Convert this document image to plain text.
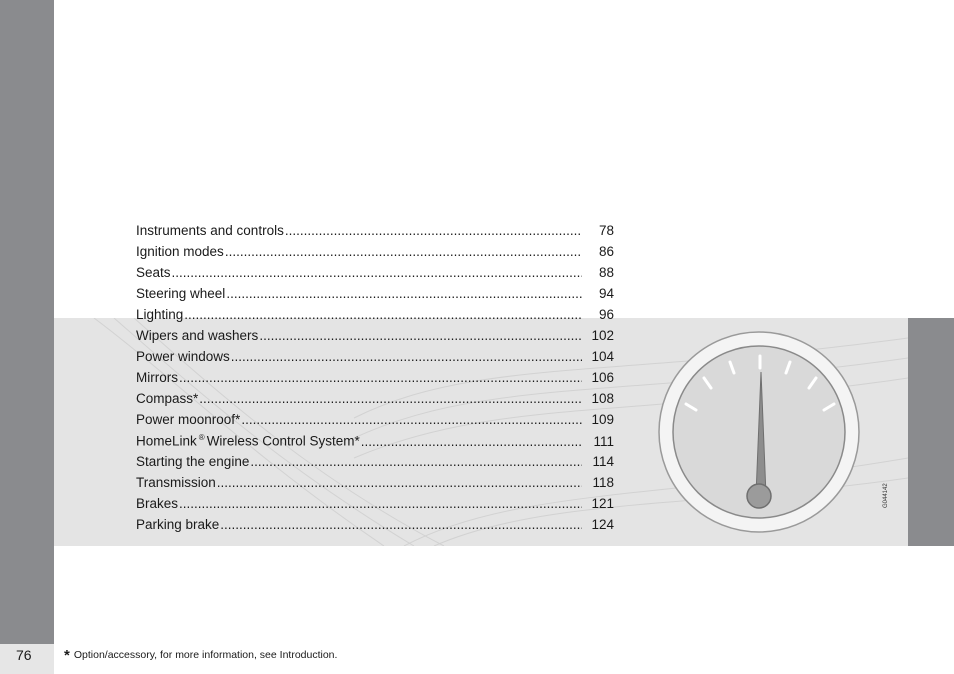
76
Instruments and controls .....	78
Ignition modes .....	86
Seats .....	88
Steering wheel .....	94
Lighting .....	96
Wipers and washers .....	102
Power windows .....	104
Mirrors .....	106
Compass* .....	108
Power moonroof* .....	109
HomeLink ® Wireless Control System* .....	111
Starting the engine .....	114
Transmission .....	118
Brakes .....	121
Parking brake .....	124
G044142
* Option/accessory, for more information, see Introduction.
